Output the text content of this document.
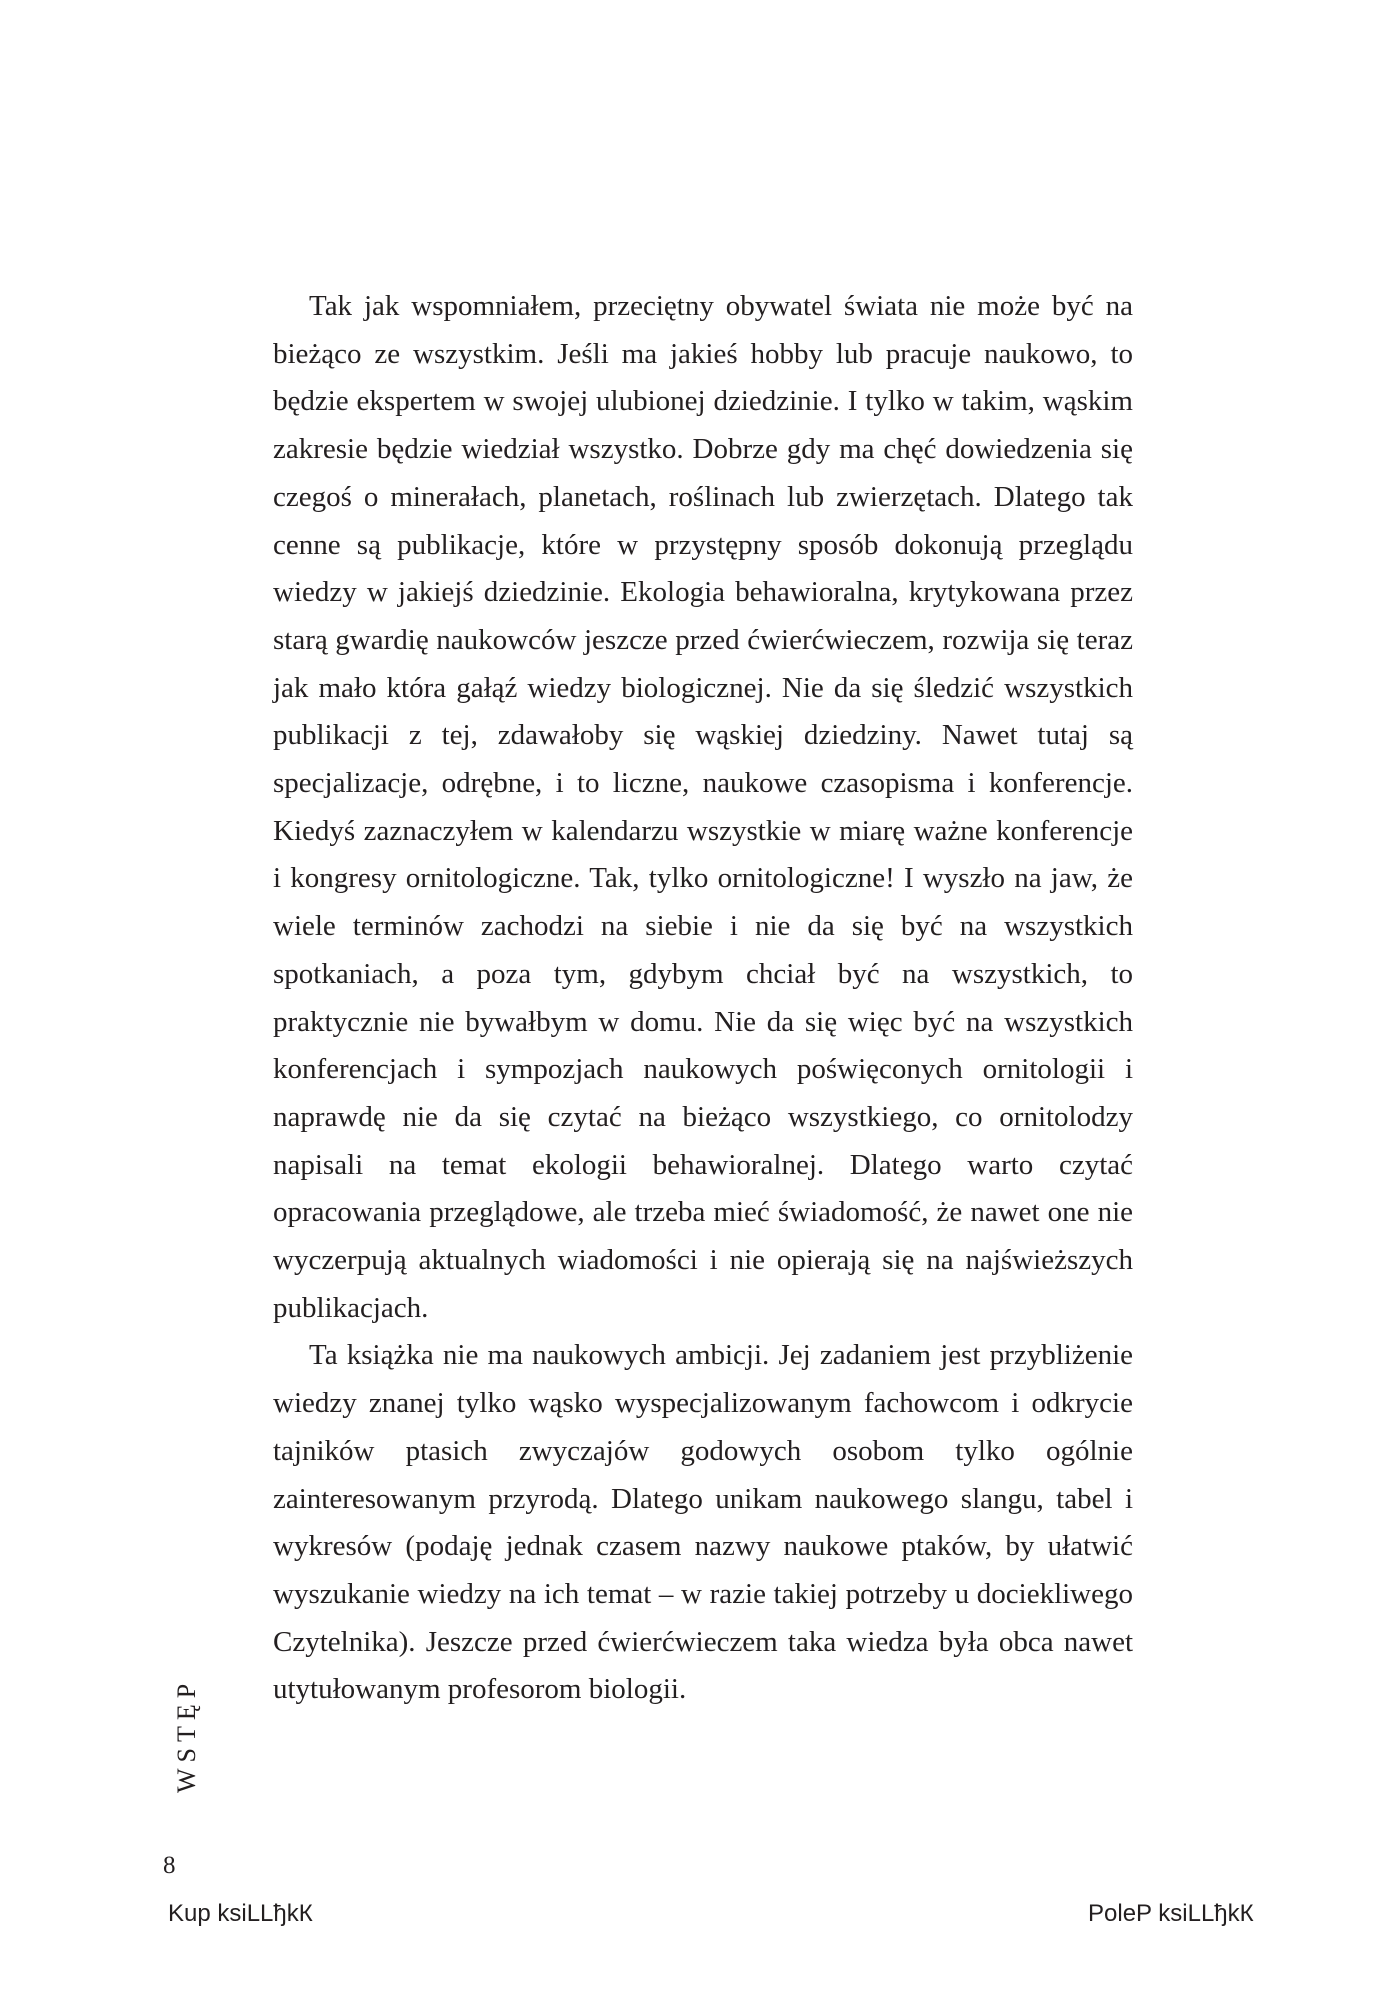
Tak jak wspomniałem, przeciętny obywatel świata nie może być na bieżąco ze wszystkim. Jeśli ma jakieś hobby lub pracuje naukowo, to będzie ekspertem w swojej ulubionej dziedzinie. I tylko w takim, wąskim zakresie będzie wiedział wszystko. Dobrze gdy ma chęć dowiedzenia się czegoś o minerałach, planetach, roślinach lub zwierzętach. Dlatego tak cenne są publikacje, które w przystępny sposób dokonują przeglądu wiedzy w jakiejś dziedzinie. Ekologia behawioralna, krytykowana przez starą gwardię naukowców jeszcze przed ćwierćwieczem, rozwija się teraz jak mało która gałąź wiedzy biologicznej. Nie da się śledzić wszystkich publikacji z tej, zdawałoby się wąskiej dziedziny. Nawet tutaj są specjalizacje, odrębne, i to liczne, naukowe czasopisma i konferencje. Kiedyś zaznaczyłem w kalendarzu wszystkie w miarę ważne konferencje i kongresy ornitologiczne. Tak, tylko ornitologiczne! I wyszło na jaw, że wiele terminów zachodzi na siebie i nie da się być na wszystkich spotkaniach, a poza tym, gdybym chciał być na wszystkich, to praktycznie nie bywałbym w domu. Nie da się więc być na wszystkich konferencjach i sympozjach naukowych poświęconych ornitologii i naprawdę nie da się czytać na bieżąco wszystkiego, co ornitolodzy napisali na temat ekologii behawioralnej. Dlatego warto czytać opracowania przeglądowe, ale trzeba mieć świadomość, że nawet one nie wyczerpują aktualnych wiadomości i nie opierają się na najświeższych publikacjach.

Ta książka nie ma naukowych ambicji. Jej zadaniem jest przybliżenie wiedzy znanej tylko wąsko wyspecjalizowanym fachowcom i odkrycie tajników ptasich zwyczajów godowych osobom tylko ogólnie zainteresowanym przyrodą. Dlatego unikam naukowego slangu, tabel i wykresów (podaję jednak czasem nazwy naukowe ptaków, by ułatwić wyszukanie wiedzy na ich temat – w razie takiej potrzeby u dociekliwego Czytelnika). Jeszcze przed ćwierćwieczem taka wiedza była obca nawet utytułowanym profesorom biologii.

WSTĘP
8
Kup ksiLLђkК	PoleP ksiLLђkК
